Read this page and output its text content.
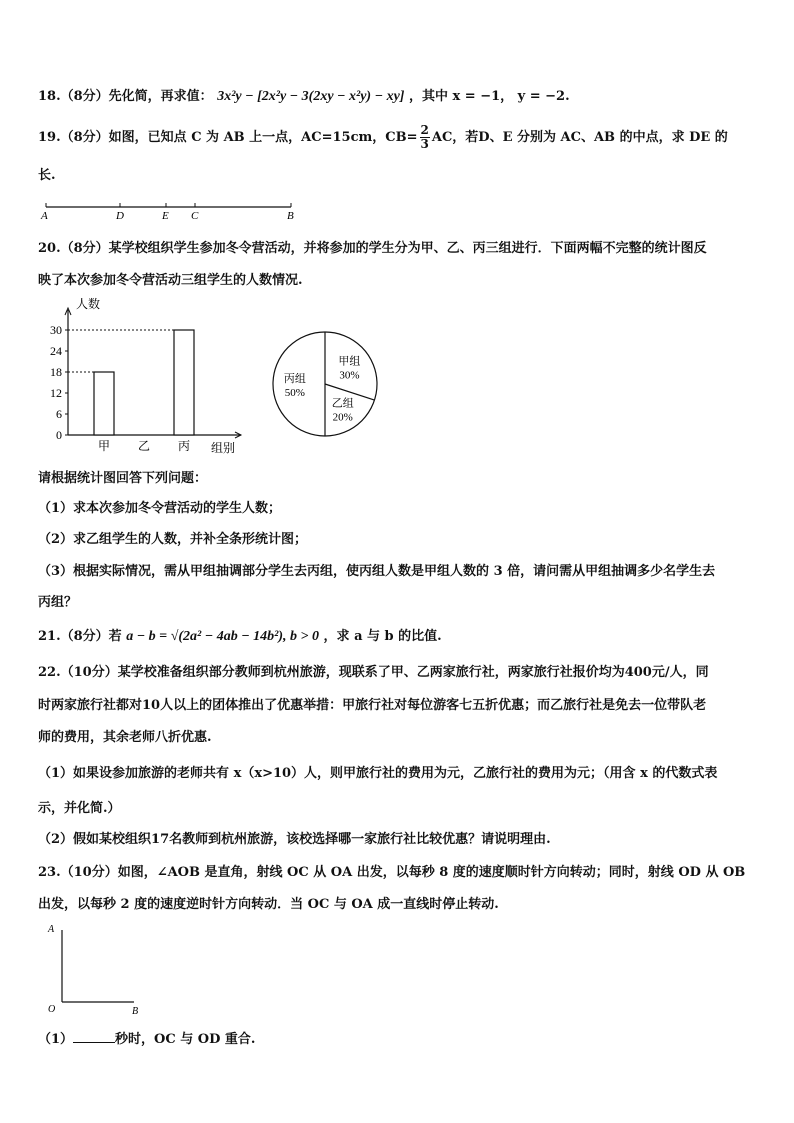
18.（8分）先化简，再求值： 3x²y − [2x²y − 3(2xy − x²y) − xy] ，其中 x = −1， y = −2.
19.（8分）如图，已知点 C 为 AB 上一点，AC=15cm，$CB= \frac{2}{3}$ AC，若D、E 分别为 AC、AB 的中点，求 DE 的
长.
A	D	E C	B
20.（8分）某学校组织学生参加冬令营活动，并将参加的学生分为甲、乙、丙三组进行．下面两幅不完整的统计图反
映了本次参加冬令营活动三组学生的人数情况.
人数
组别
0
6
12
18
24
30
甲 乙 丙
甲组
30%
乙组
20%
丙组
50%
请根据统计图回答下列问题：
（1）求本次参加冬令营活动的学生人数；
（2）求乙组学生的人数，并补全条形统计图；
（3）根据实际情况，需从甲组抽调部分学生去丙组，使丙组人数是甲组人数的 3 倍，请问需从甲组抽调多少名学生去
丙组？
21.（8分）若 a − b = √(2a² − 4ab − 14b²), b > 0 ，求 a 与 b 的比值.
22.（10分）某学校准备组织部分教师到杭州旅游，现联系了甲、乙两家旅行社，两家旅行社报价均为400元/人，同
时两家旅行社都对10人以上的团体推出了优惠举措：甲旅行社对每位游客七五折优惠；而乙旅行社是免去一位带队老
师的费用，其余老师八折优惠.
（1）如果设参加旅游的老师共有 x（x>10）人，则甲旅行社的费用为元，乙旅行社的费用为元；（用含 x 的代数式表
示，并化简.）
（2）假如某校组织17名教师到杭州旅游，该校选择哪一家旅行社比较优惠？请说明理由.
23.（10分）如图，∠AOB 是直角，射线 OC 从 OA 出发，以每秒 8 度的速度顺时针方向转动；同时，射线 OD 从 OB
出发，以每秒 2 度的速度逆时针方向转动．当 OC 与 OA 成一直线时停止转动.
A
O	B
（1）	秒时，OC 与 OD 重合.
